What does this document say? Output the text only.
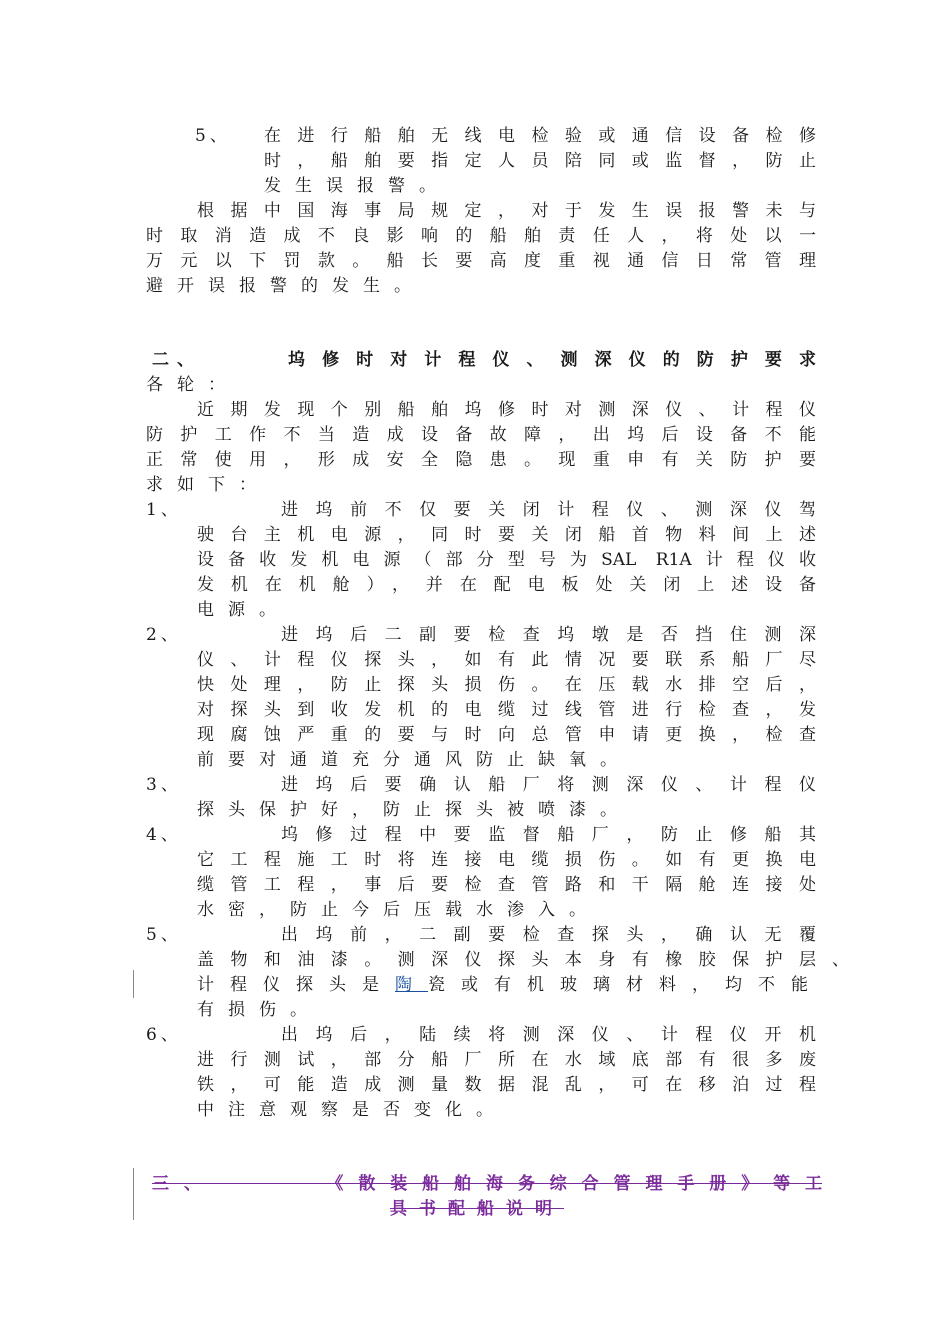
5、 在进行船舶无线电检验或通信设备检修
时，船舶要指定人员陪同或监督，防止
发生误报警。
根据中国海事局规定，对于发生误报警未与
时取消造成不良影响的船舶责任人，将处以一
万元以下罚款。船长要高度重视通信日常管理
避开误报警的发生。
二、	坞修时对计程仪、测深仪的防护要求
各轮：
近期发现个别船舶坞修时对测深仪、计程仪
防护工作不当造成设备故障，出坞后设备不能
正常使用，形成安全隐患。现重申有关防护要
求如下：
1、	进坞前不仅要关闭计程仪、测深仪驾
驶台主机电源，同时要关闭船首物料间上述
设备收发机电源（部分型号为SAL R1A计程仪收
发机在机舱），并在配电板处关闭上述设备
电源。
2、	进坞后二副要检查坞墩是否挡住测深
仪、计程仪探头，如有此情况要联系船厂尽
快处理，防止探头损伤。在压载水排空后，
对探头到收发机的电缆过线管进行检查，发
现腐蚀严重的要与时向总管申请更换，检查
前要对通道充分通风防止缺氧。
3、	进坞后要确认船厂将测深仪、计程仪
探头保护好，防止探头被喷漆。
4、	坞修过程中要监督船厂，防止修船其
它工程施工时将连接电缆损伤。如有更换电
缆管工程，事后要检查管路和干隔舱连接处
水密，防止今后压载水渗入。
5、	出坞前，二副要检查探头，确认无覆
盖物和油漆。测深仪探头本身有橡胶保护层 、
计程仪探头是陶瓷或有机玻璃材料，均不能
有损伤。
6、	出坞后，陆续将测深仪、计程仪开机
进行测试，部分船厂所在水域底部有很多废
铁，可能造成测量数据混乱，可在移泊过程
中注意观察是否变化。
三、　　　　《散装船舶海务综合管理手册》等工
具书配船说明
